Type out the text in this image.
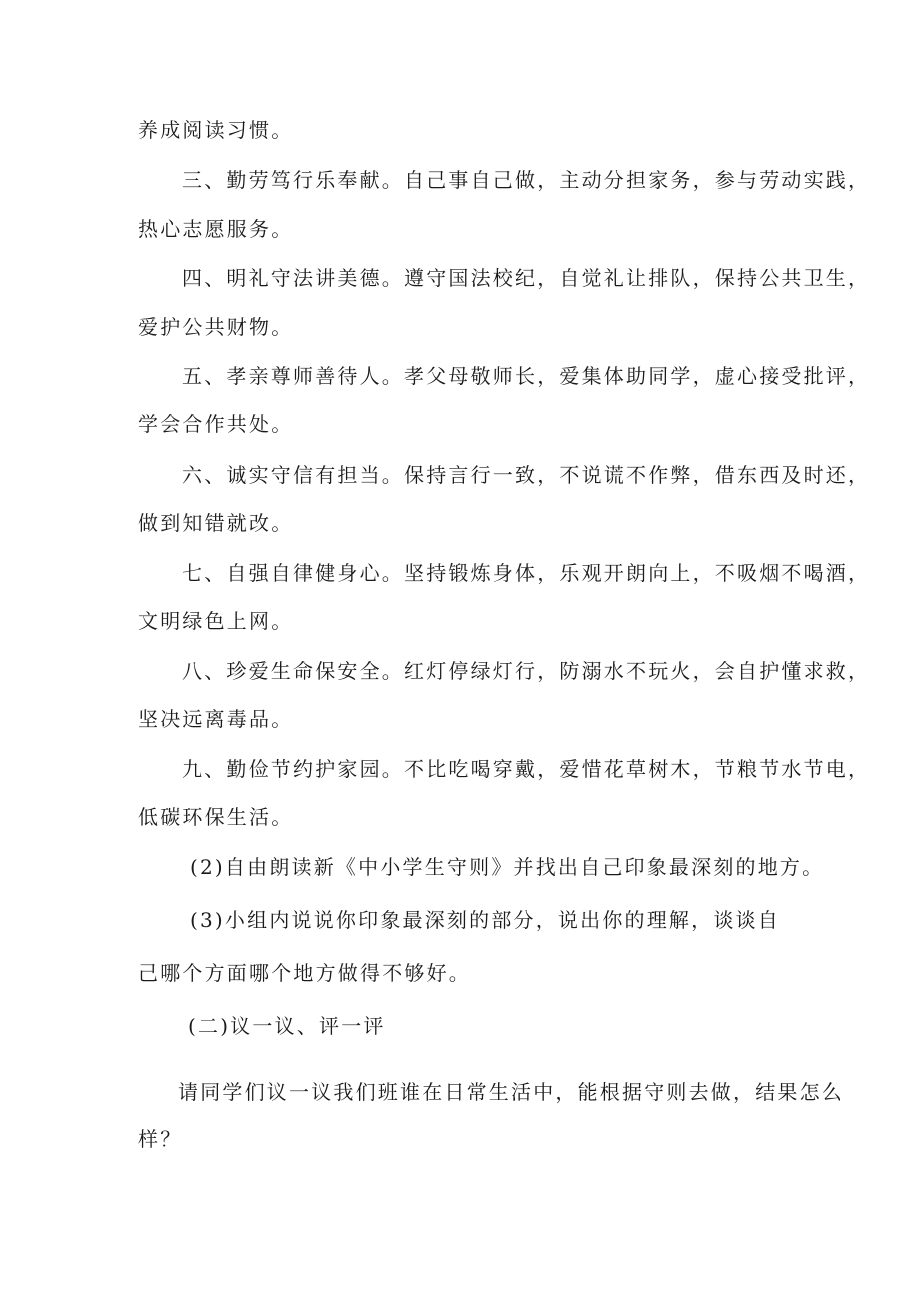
养成阅读习惯。
三、勤劳笃行乐奉献。自己事自己做，主动分担家务，参与劳动实践，
热心志愿服务。
四、明礼守法讲美德。遵守国法校纪，自觉礼让排队，保持公共卫生，
爱护公共财物。
五、孝亲尊师善待人。孝父母敬师长，爱集体助同学，虚心接受批评，
学会合作共处。
六、诚实守信有担当。保持言行一致，不说谎不作弊，借东西及时还，
做到知错就改。
七、自强自律健身心。坚持锻炼身体，乐观开朗向上，不吸烟不喝酒，
文明绿色上网。
八、珍爱生命保安全。红灯停绿灯行，防溺水不玩火，会自护懂求救，
坚决远离毒品。
九、勤俭节约护家园。不比吃喝穿戴，爱惜花草树木，节粮节水节电，
低碳环保生活。
(2)自由朗读新《中小学生守则》并找出自己印象最深刻的地方。
(3)小组内说说你印象最深刻的部分，说出你的理解，谈谈自
己哪个方面哪个地方做得不够好。
(二)议一议、评一评
请同学们议一议我们班谁在日常生活中，能根据守则去做，结果怎么
样？
